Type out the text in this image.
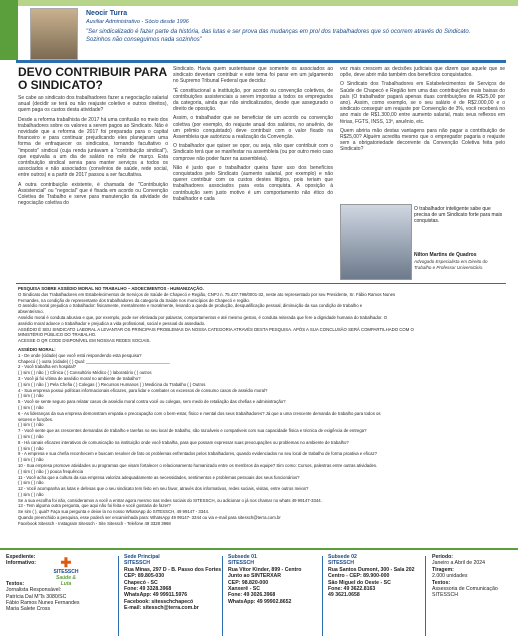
Neocir Turra
Auxiliar Administrativo - Sócio desde 1996
"Ser sindicalizado é fazer parte da história, das lutas e ser prova das mudanças em prol dos trabalhadores que só ocorrem através do Sindicato. Sozinhos não conseguimos nada sozinhos"
DEVO CONTRIBUIR PARA O SINDICATO?

Se cabe ao sindicato dos trabalhadores fazer a negociação salarial anual (decidir se terá ou não reajuste coletivo e outros direitos), quem paga os custos desta atividade?

Desde a reforma trabalhista de 2017 há uma confusão no meio dos trabalhadores sobre os valores a serem pagos ao Sindicato. Não é novidade que a reforma de 2017 foi preparada para o capital financeiro e para continuar prejudicando eles planejaram uma forma de enfraquecer os sindicatos, tornando facultativo o "imposto" sindical (cuja renda juntavam a "contribuição sindical"), que equivalia a um dia de salário no mês de março. Esta contribuição sindical servia para manter serviços a todos os associados e não associados (convênios de saúde, rede social, entre outros) e a partir de 2017 passou a ser facultativa.

A outra contribuição existente, é chamada de "Contribuição Assistencial" ou "negocial" que é fixada em acordo ou Convenção Coletiva de Trabalho e serve para manutenção da atividade de negociação coletiva do

Sindicato. Havia quem sustentasse que somente os associados ao sindicato deveriam contribuir e este tema foi parar em um julgamento no Supremo Tribunal Federal que decidiu:

"É constitucional a instituição, por acordo ou convenção coletivos, de contribuições assistenciais a serem impostas a todos os empregados da categoria, ainda que não sindicalizados, desde que assegurado o direito de oposição.

Assim, o trabalhador que se beneficiar de um acordo ou convenção coletiva (por exemplo, do reajuste anual dos salários, no anuênio, de um prêmio conquistado) deve contribuir com o valor fixado na Assembleia que autorizou a realização da Convenção.

O trabalhador que quiser se opor, ou seja, não quer contribuir com o Sindicato terá que se manifestar na assembleia (ou por outro meio caso comprove não poder fazer na assembleia).

Não é justo que o trabalhador queira fazer uso dos benefícios conquistados pelo Sindicato (aumento salarial, por exemplo) e não querer contribuir com os custos destes litígios, pois teriam que trabalhadores associados para esta conquista. A oposição à contribuição sem justo motivo é um comportamento não ético do trabalhador e cada

vez mais crescem as decisões judiciais que dizem que aquele que se opõe, deve abrir mão também dos benefícios conquistados.

O Sindicato dos Trabalhadores em Estabelecimentos de Serviços de Saúde de Chapecó e Região tem uma das contribuições mais baixas do país (O trabalhador pagará apenas duas contribuições de R$25,00 por ano). Assim, como exemplo, se o seu salário é de R$2.000,00 e o sindicato conseguir um reajuste por Convenção de 3%, você receberá no ano mais de R$1.300,00 entre aumento salarial, mais seus reflexos em férias, FGTS, INSS, 13º, anuênio, etc.

Quem abriria mão destas vantagens para não pagar a contribuição de R$25,00? Alguém acredita mesmo que o empregador pagaria o reajuste sem a obrigatoriedade decorrente da Convenção Coletiva feita pelo Sindicato?

O trabalhador inteligente sabe que precisa de um Sindicato forte para mais conquistas.
Nilton Martins de Quadros
Advogado Especialista em Direito do Trabalho e Professor Universitário.
PESQUISA SOBRE ASSÉDIO MORAL NO TRABALHO – ADOECIMENTOS - HUMANIZAÇÃO.
O Sindicato dos Trabalhadores em Estabelecimentos de Serviços de Saúde de Chapecó e Região, CNPJ n. 75.437.798/0001-32, neste ato representado por seu Presidente, Sr. Fábio Ramos Nunes
Fernandes, na condição de representante dos trabalhadores da categoria da Saúde nos municípios de Chapecó e região.
O assédio moral prejudica o trabalhador: fisicamente, mentalmente e moralmente, levando a queda de produção, desqualificação pessoal, diminuição da sua condição de trabalho e
absenteísmo.
Assédio moral é conduta abusiva e que, por exemplo, pode ser efetivada por palavras, comportamentos e até mesmo gestos, é conduta reiterada que fere a dignidade humana do trabalhador. O
assédio moral adoece o trabalhador e prejudica a vida profissional, social e pessoal do assediado.
ASSÉDIO É SEU SINDICATO LABORAL A LEVANTAR OS PRINCIPAIS PROBLEMAS DA NOSSA CATEGORIA ATRAVÉS DESTA PESQUISA. APÓS A SUA CONCLUSÃO SERÁ COMPARTILHADO COM O
MINISTÉRIO PÚBLICO DO TRABALHO.
ACESSE O QR CODE DISPONÍVEL EM NOSSAS REDES SOCIAIS.
ASSÉDIO MORAL:
1 - De onde (cidade) que você está respondendo esta pesquisa?
Chapecó ( ) outra (cidade) ( ) Qual: ___________________________________
2 - Você trabalha em hospital?
( ) sim ( ) não ( ) Clínica ( ) Consultório Médico ( ) laboratório ( ) outros
3 - Você já foi vítima de assédio moral no ambiente de trabalho?
( ) sim ( ) não ( ) Pela Chefia ( ) Colegas ( ) Recursos Humanos ( ) Medicina do Trabalho ( ) Outros
4 - Sua empresa possui políticas informacionais eficazes, para lidar e combater os excessos de consumo casos de assédio moral?
( ) sim ( ) não
5 - Você se sente seguro para relatar casos de assédio moral contra você ou colegas, sem medo de retaliação das chefias e administração?
( ) sim ( ) não
6 - As lideranças da sua empresa demonstram empatia e preocupação com o bem-estar, físico e mental dos seus trabalhadores? Já que a uma crescente demanda de trabalho para todos os
setores e funções.
( ) sim ( ) não
7 - Você sente que as crescentes demandas de trabalho e tarefas no seu local de trabalho, são razoáveis e compatíveis com sua capacidade física e técnica de exigência de entrega?
( ) sim ( ) não
8 - Há canais eficazes interativos de comunicação na instituição onde você trabalha, para que possam expressar suas preocupações ou problemas no ambiente de trabalho?
( ) sim ( ) não
9 - A empresa e sua chefia reconhecem e buscam resolver de fato os problemas enfrentados pelos trabalhadores, quando evidenciados no seu local de trabalho de forma proativa e eficaz?
( ) sim ( ) não
10 - Sua empresa promove atividades ou programas que visam fortalecer o relacionamento humanizado entre os membros da equipe? Sim como: Cursos, palestras entre outras atividades.
( ) sim ( ) não ( ) pouca frequência
11 - Você acha que a cultura da sua empresa valoriza adequadamente as necessidades, sentimentos e problemas pessoais dos seus funcionários?
( ) sim ( ) não
12 - Você acompanha as lutas e defesas que o seu sindicato tem feito em seu favor, através dos informativos, redes sociais, visitas, entre outros meios?
( ) sim ( ) não
Se a sua escolha foi não, consideramos a você a entrar agora mesmo nas redes sociais do SITESSCH, ou adicionar o já nos chamar no whats 49 99147-3344.
13 - Tem alguma outra pergunta, que aqui não foi feita e você gostaria de fazer?
Se sim ( ), qual? Faça sua pergunta e deixe la no nosso WhatsApp do SITESSCH, 49 99147 - 3344.
Quando preenchido a pesquisa, esse poderá ser encaminhada para: WhatsApp 49 99147- 3344 ou via e-mail para sitessch@terra.com.br
Facebook Sitessch - Instagram Sitessch - Site Sitessch - Telefone 49 3328 3968
Expediente:
Informativo:
Textos:
Jornalista Responsável:
Patrícia Dal M'Ts 3080/SC
Fábio Ramos Nunes Fernandes
Maria Salete Cross
✚
SITESSCH
Saúde & Luta
Sede Principal
SITESSCH
Rua Minas, 297 D - B. Passo dos Fortes
CEP: 89.805-030
Chapecó - SC
Fone: 49 3328.3968
WhatsApp: 49 99911.5976
Facebook: sitesschchapecó
E-mail: sitessch@terra.com.br
Subsede 01
SITESSCH
Rua Vitor Kinder, 899 - Centro
Junto ao SINTERXAR
CEP: 98.820-000
Xanxerê - SC
Fone: 49 3026.3968
WhatsApp: 49 99902.8652
Subsede 02
SITESSCH
Rua Santos Dumont, 300 - Sala 202
Centro - CEP: 89.900-000
São Miguel do Oeste - SC
Fone: 49 3622.8163
49 3621.0658
Período:
Janeiro a Abril de 2024
Tiragem:
2.000 unidades
Textos:
Assessoria de Comunicação
SITESSCH
